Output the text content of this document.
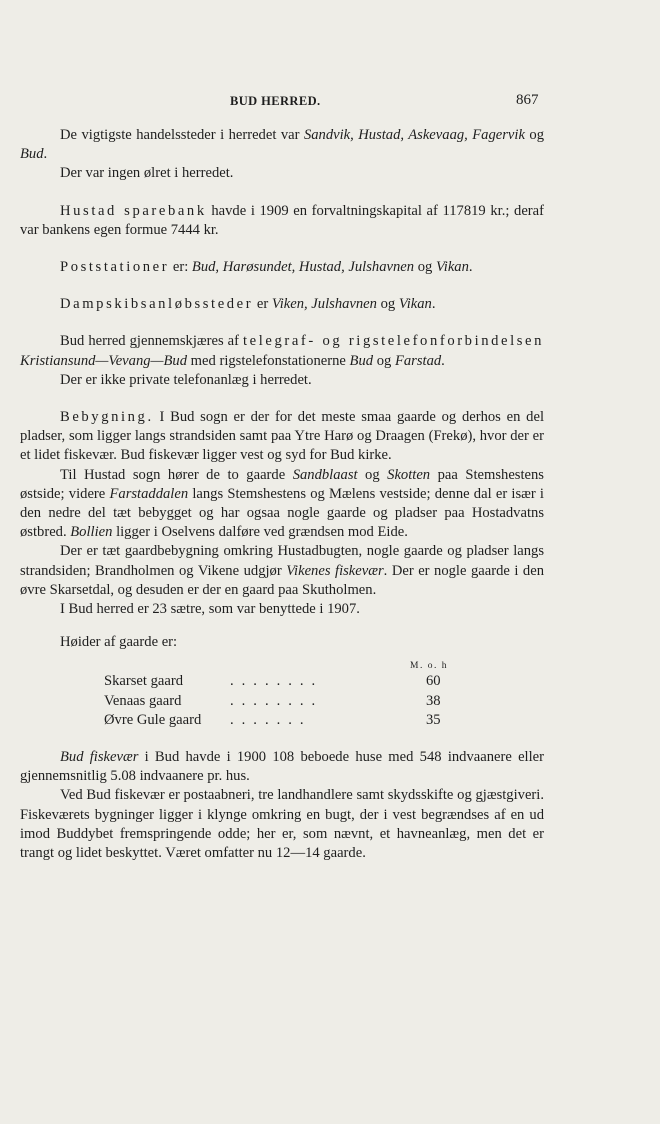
BUD HERRED.	867

De vigtigste handelssteder i herredet var Sandvik, Hustad, Askevaag, Fagervik og Bud.

Der var ingen ølret i herredet.

Hustad sparebank havde i 1909 en forvaltningskapital af 117819 kr.; deraf var bankens egen formue 7444 kr.

Poststationer er: Bud, Harøsundet, Hustad, Julshavnen og Vikan.

Dampskibsanløbssteder er Viken, Julshavnen og Vikan.

Bud herred gjennemskjæres af telegraf- og rigstelefonforbindelsen Kristiansund—Vevang—Bud med rigstelefonstationerne Bud og Farstad.

Der er ikke private telefonanlæg i herredet.

Bebygning. I Bud sogn er der for det meste smaa gaarde og derhos en del pladser, som ligger langs strandsiden samt paa Ytre Harø og Draagen (Frekø), hvor der er et lidet fiskevær. Bud fiskevær ligger vest og syd for Bud kirke.

Til Hustad sogn hører de to gaarde Sandblaast og Skotten paa Stemshestens østside; videre Farstaddalen langs Stemshestens og Mælens vestside; denne dal er især i den nedre del tæt bebygget og har ogsaa nogle gaarde og pladser paa Hostadvatns østbred. Bollien ligger i Oselvens dalføre ved grændsen mod Eide.

Der er tæt gaardbebygning omkring Hustadbugten, nogle gaarde og pladser langs strandsiden; Brandholmen og Vikene udgjør Vikenes fiskevær. Der er nogle gaarde i den øvre Skarsetdal, og desuden er der en gaard paa Skutholmen.

I Bud herred er 23 sætre, som var benyttede i 1907.

Høider af gaarde er:

M. o. h
Skarset gaard	........	60
Venaas gaard	........	38
Øvre Gule gaard .......	35

Bud fiskevær i Bud havde i 1900 108 beboede huse med 548 indvaanere eller gjennemsnitlig 5.08 indvaanere pr. hus.

Ved Bud fiskevær er postaabneri, tre landhandlere samt skydsskifte og gjæstgiveri. Fiskeværets bygninger ligger i klynge omkring en bugt, der i vest begrændses af en ud imod Buddybet fremspringende odde; her er, som nævnt, et havneanlæg, men det er trangt og lidet beskyttet. Været omfatter nu 12—14 gaarde.
